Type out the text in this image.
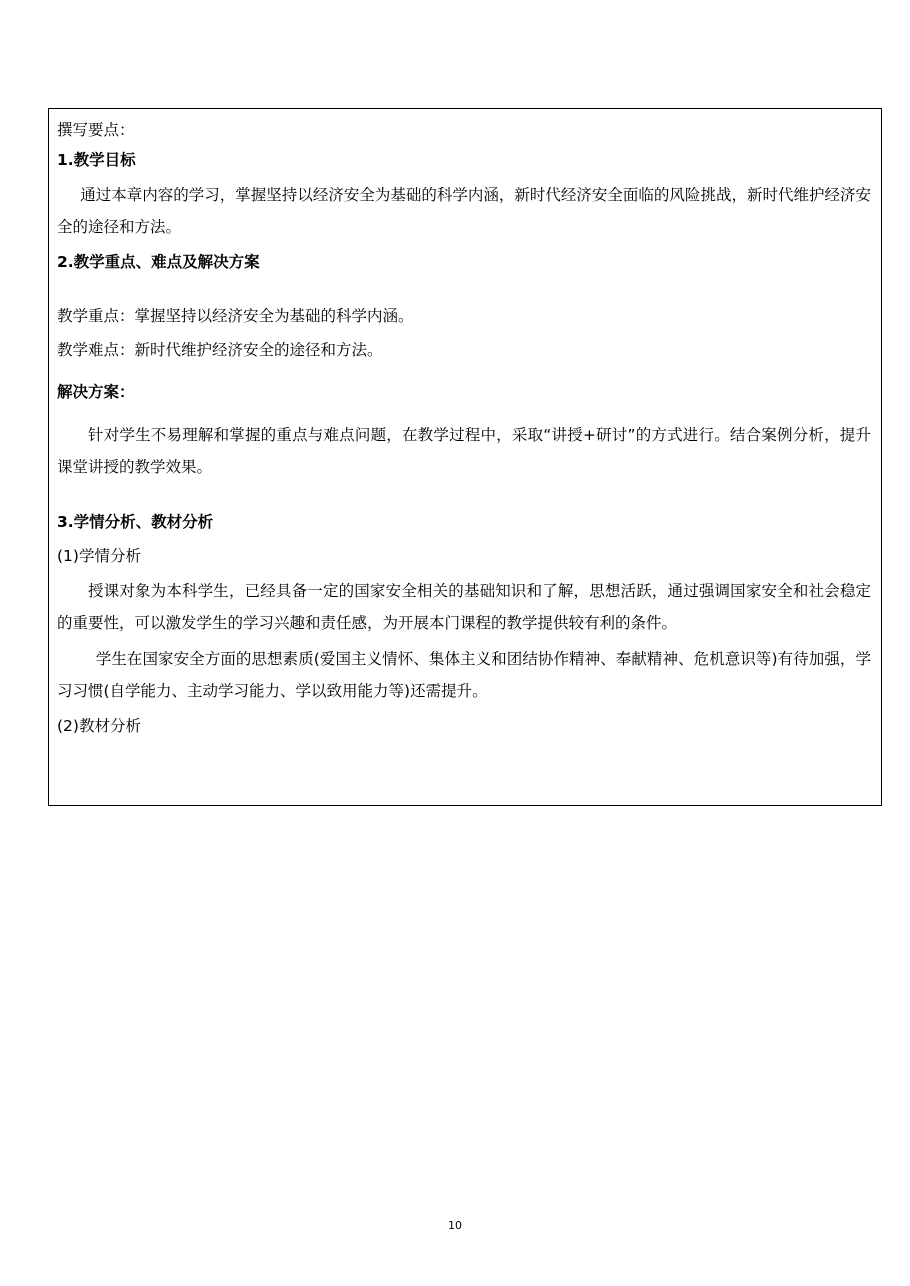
撰写要点：
1.教学目标
通过本章内容的学习，掌握坚持以经济安全为基础的科学内涵，新时代经济安全面临的风险挑战，新时代维护经济安全的途径和方法。
2.教学重点、难点及解决方案
教学重点：掌握坚持以经济安全为基础的科学内涵。
教学难点：新时代维护经济安全的途径和方法。
解决方案：
针对学生不易理解和掌握的重点与难点问题，在教学过程中，采取“讲授+研讨”的方式进行。结合案例分析，提升课堂讲授的教学效果。
3.学情分析、教材分析
(1)学情分析
授课对象为本科学生，已经具备一定的国家安全相关的基础知识和了解，思想活跃，通过强调国家安全和社会稳定的重要性，可以激发学生的学习兴趣和责任感，为开展本门课程的教学提供较有利的条件。
学生在国家安全方面的思想素质(爱国主义情怀、集体主义和团结协作精神、奉献精神、危机意识等)有待加强，学习习惯(自学能力、主动学习能力、学以致用能力等)还需提升。
(2)教材分析
10
